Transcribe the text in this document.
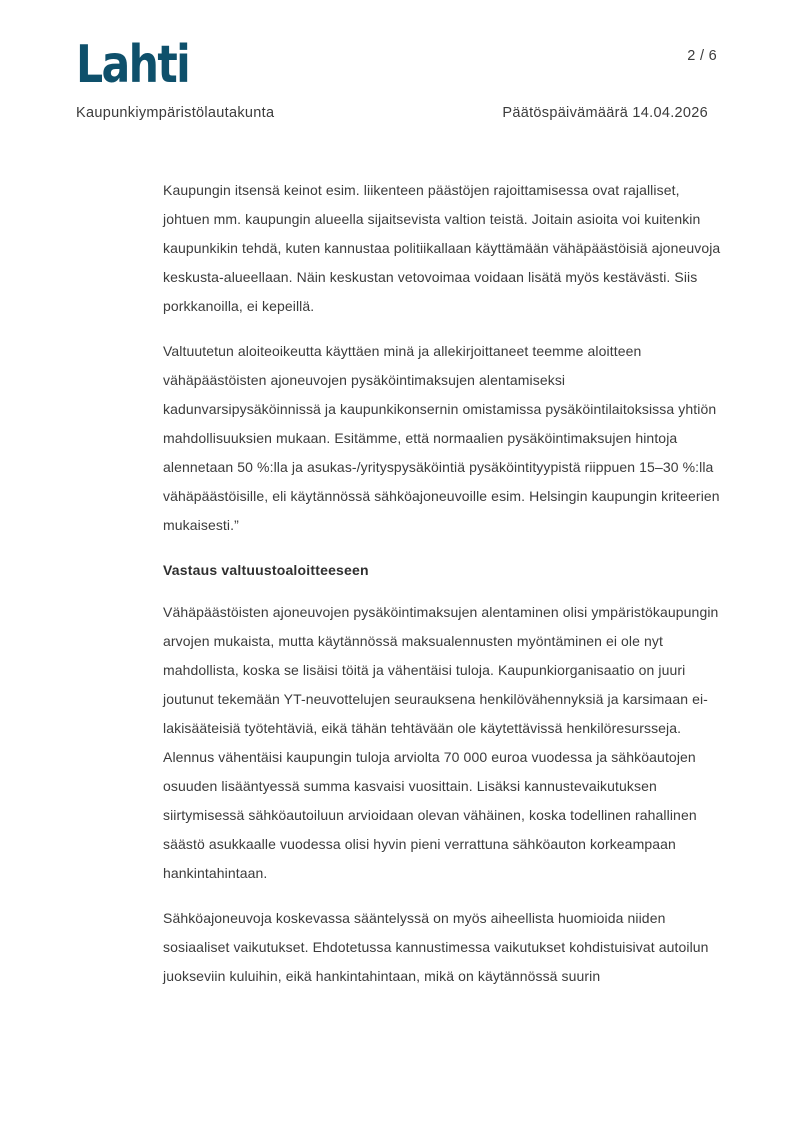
Lahti	2 / 6
Kaupunkiympäristölautakunta	Päätöspäivämäärä 14.04.2026

Kaupungin itsensä keinot esim. liikenteen päästöjen rajoittamisessa ovat rajalliset, johtuen mm. kaupungin alueella sijaitsevista valtion teistä. Joitain asioita voi kuitenkin kaupunkikin tehdä, kuten kannustaa politiikallaan käyttämään vähäpäästöisiä ajoneuvoja keskusta-alueellaan. Näin keskustan vetovoimaa voidaan lisätä myös kestävästi. Siis porkkanoilla, ei kepeillä.

Valtuutetun aloiteoikeutta käyttäen minä ja allekirjoittaneet teemme aloitteen vähäpäästöisten ajoneuvojen pysäköintimaksujen alentamiseksi kadunvarsipysäköinnissä ja kaupunkikonsernin omistamissa pysäköintilaitoksissa yhtiön mahdollisuuksien mukaan. Esitämme, että normaalien pysäköintimaksujen hintoja alennetaan 50 %:lla ja asukas-/yrityspysäköintiä pysäköintityypistä riippuen 15–30 %:lla vähäpäästöisille, eli käytännössä sähköajoneuvoille esim. Helsingin kaupungin kriteerien mukaisesti.”

Vastaus valtuustoaloitteeseen

Vähäpäästöisten ajoneuvojen pysäköintimaksujen alentaminen olisi ympäristökaupungin arvojen mukaista, mutta käytännössä maksualennusten myöntäminen ei ole nyt mahdollista, koska se lisäisi töitä ja vähentäisi tuloja. Kaupunkiorganisaatio on juuri joutunut tekemään YT-neuvottelujen seurauksena henkilövähennyksiä ja karsimaan ei-lakisääteisiä työtehtäviä, eikä tähän tehtävään ole käytettävissä henkilöresursseja. Alennus vähentäisi kaupungin tuloja arviolta 70 000 euroa vuodessa ja sähköautojen osuuden lisääntyessä summa kasvaisi vuosittain. Lisäksi kannustevaikutuksen siirtymisessä sähköautoiluun arvioidaan olevan vähäinen, koska todellinen rahallinen säästö asukkaalle vuodessa olisi hyvin pieni verrattuna sähköauton korkeampaan hankintahintaan.

Sähköajoneuvoja koskevassa sääntelyssä on myös aiheellista huomioida niiden sosiaaliset vaikutukset. Ehdotetussa kannustimessa vaikutukset kohdistuisivat autoilun juokseviin kuluihin, eikä hankintahintaan, mikä on käytännössä suurin
